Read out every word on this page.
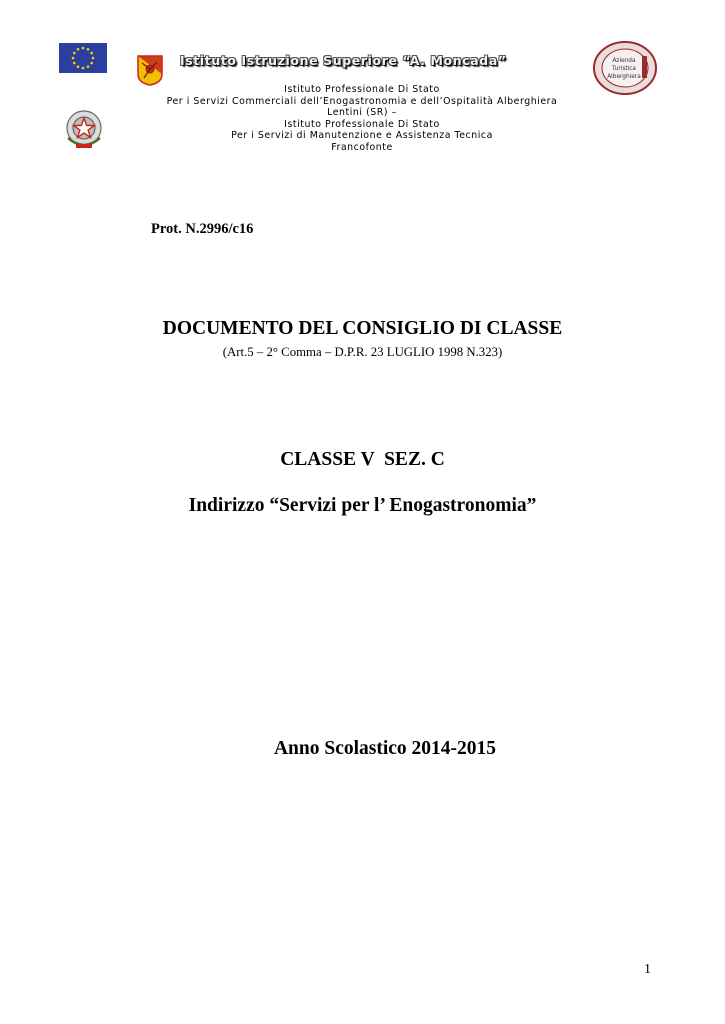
Azienda
Turistica
Alberghiera
Istituto Istruzione Superiore “A. Moncada”
Istituto Professionale Di Stato
Per i Servizi Commerciali dell’Enogastronomia e dell’Ospitalità Alberghiera
Lentini (SR) –
Istituto Professionale Di Stato
Per i Servizi di Manutenzione e Assistenza Tecnica
Francofonte
Prot. N.2996/c16
DOCUMENTO DEL CONSIGLIO DI CLASSE
(Art.5 – 2° Comma – D.P.R. 23 LUGLIO 1998 N.323)
CLASSE V  SEZ. C
Indirizzo “Servizi per l’ Enogastronomia”
Anno Scolastico 2014-2015
1
